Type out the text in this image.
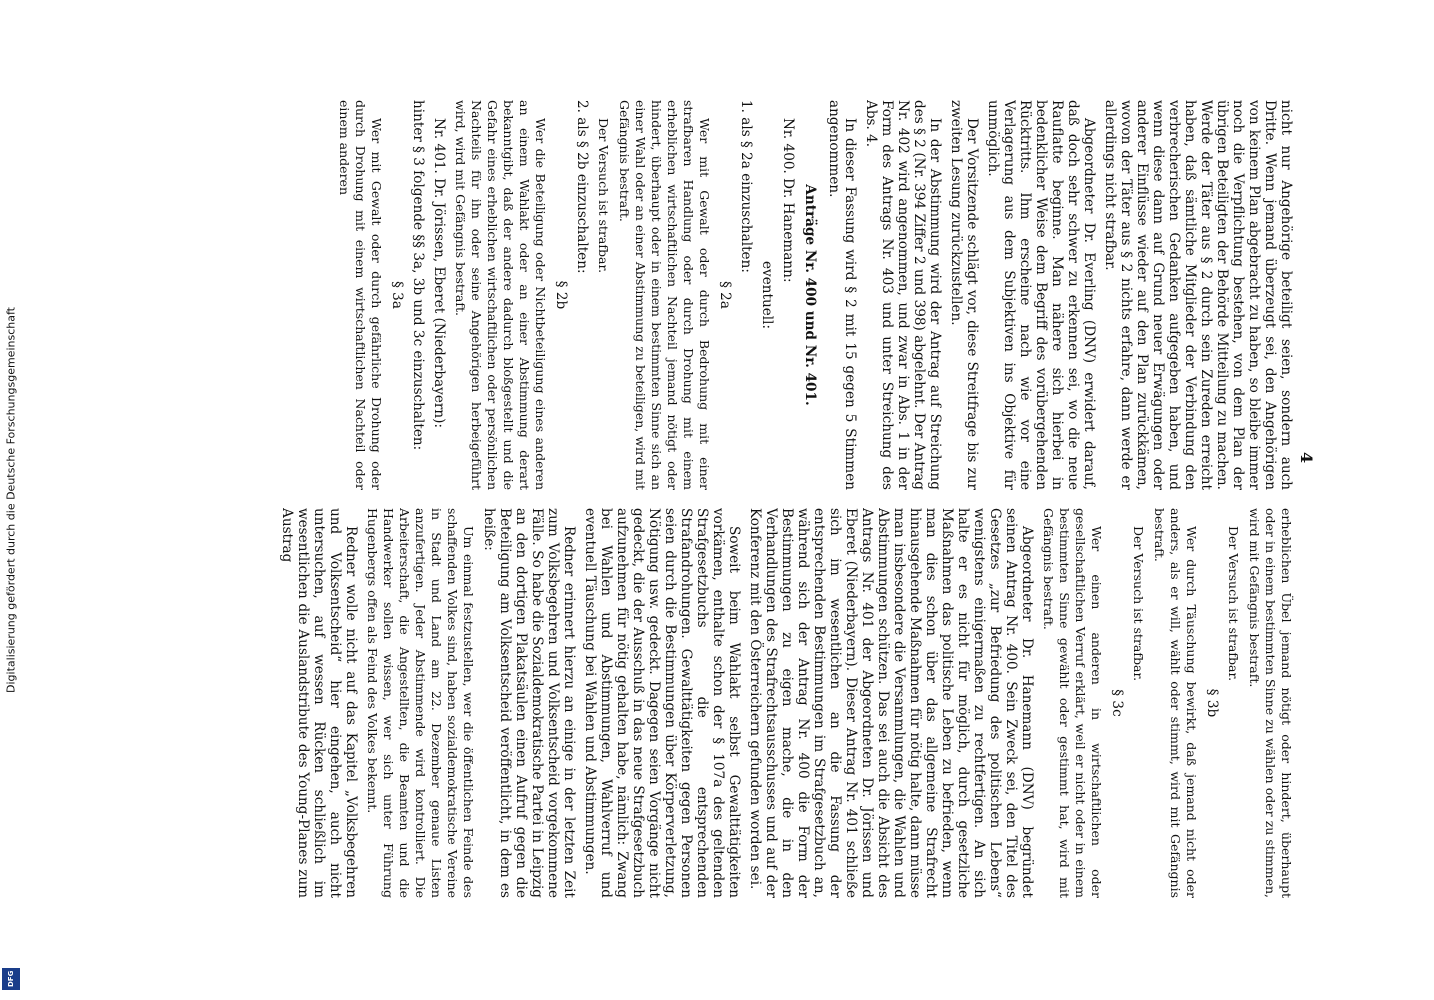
4

nicht nur Angehörige beteiligt seien, sondern auch Dritte. Wenn jemand überzeugt sei, den Angehörigen von keinem Plan abgebracht zu haben, so bleibe immer noch die Verpflichtung bestehen, von dem Plan der übrigen Beteiligten der Behörde Mitteilung zu machen. Werde der Täter aus § 2 durch sein Zureden erreicht haben, daß sämtliche Mitglieder der Verbindung den verbrecherischen Gedanken aufgegeben haben, und wenn diese dann auf Grund neuer Erwägungen oder anderer Einflüsse wieder auf den Plan zurückkämen, wovon der Täter aus § 2 nichts erfahre, dann werde er allerdings nicht strafbar.

Abgeordneter Dr. Everling (DNV) erwidert darauf, daß doch sehr schwer zu erkennen sei, wo die neue Rauflatte beginne. Man nähere sich hierbei in bedenklicher Weise dem Begriff des vorübergehenden Rücktritts. Ihm erscheine nach wie vor eine Verlagerung aus dem Subjektiven ins Objektive für unmöglich.

Der Vorsitzende schlägt vor, diese Streitfrage bis zur zweiten Lesung zurückzustellen.

In der Abstimmung wird der Antrag auf Streichung des § 2 (Nr. 394 Ziffer 2 und 398) abgelehnt. Der Antrag Nr. 402 wird angenommen, und zwar in Abs. 1 in der Form des Antrags Nr. 403 und unter Streichung des Abs. 4.

In dieser Fassung wird § 2 mit 15 gegen 5 Stimmen angenommen.

Anträge Nr. 400 und Nr. 401.

Nr. 400. Dr. Hanemann:

eventuell:

1. als § 2a einzuschalten:

§ 2a

Wer mit Gewalt oder durch Bedrohung mit einer strafbaren Handlung oder durch Drohung mit einem erheblichen wirtschaftlichen Nachteil jemand nötigt oder hindert, überhaupt oder in einem bestimmten Sinne sich an einer Wahl oder an einer Abstimmung zu beteiligen, wird mit Gefängnis bestraft.

Der Versuch ist strafbar.

2. als § 2b einzuschalten:

§ 2b

Wer die Beteiligung oder Nichtbeteiligung eines anderen an einem Wahlakt oder an einer Abstimmung derart bekanntgibt, daß der andere dadurch bloßgestellt und die Gefahr eines erheblichen wirtschaftlichen oder persönlichen Nachteils für ihn oder seine Angehörigen herbeigeführt wird, wird mit Gefängnis bestraft.

Nr. 401. Dr. Jörissen, Eberet (Niederbayern):

hinter § 3 folgende §§ 3a, 3b und 3c einzuschalten:

§ 3a

Wer mit Gewalt oder durch gefährliche Drohung oder durch Drohung mit einem wirtschaftlichen Nachteil oder einem anderen

erheblichen Übel jemand nötigt oder hindert, überhaupt oder in einem bestimmten Sinne zu wählen oder zu stimmen, wird mit Gefängnis bestraft.

Der Versuch ist strafbar.

§ 3b

Wer durch Täuschung bewirkt, daß jemand nicht oder anders, als er will, wählt oder stimmt, wird mit Gefängnis bestraft.

Der Versuch ist strafbar.

§ 3c

Wer einen anderen in wirtschaftlichen oder gesellschaftlichen Verruf erklärt, weil er nicht oder in einem bestimmten Sinne gewählt oder gestimmt hat, wird mit Gefängnis bestraft.

Abgeordneter Dr. Hanemann (DNV) begründet seinen Antrag Nr. 400. Sein Zweck sei, den Titel des Gesetzes „zur Befriedung des politischen Lebens“ wenigstens einigermaßen zu rechtfertigen. An sich halte er es nicht für möglich, durch gesetzliche Maßnahmen das politische Leben zu befrieden, wenn man dies schon über das allgemeine Strafrecht hinausgehende Maßnahmen für nötig halte, dann müsse man insbesondere die Versammlungen, die Wahlen und Abstimmungen schützen. Das sei auch die Absicht des Antrags Nr. 401 der Abgeordneten Dr. Jörissen und Eberet (Niederbayern). Dieser Antrag Nr. 401 schließe sich im wesentlichen an die Fassung der entsprechenden Bestimmungen im Strafgesetzbuch an, während sich der Antrag Nr. 400 die Form der Bestimmungen zu eigen mache, die in den Verhandlungen des Strafrechtsausschusses und auf der Konferenz mit den Österreichern gefunden worden sei.

Soweit beim Wahlakt selbst Gewalttätigkeiten vorkämen, enthalte schon der § 107a des geltenden Strafgesetzbuchs die entsprechenden Strafandrohungen. Gewalttätigkeiten gegen Personen seien durch die Bestimmungen über Körperverletzung, Nötigung usw. gedeckt. Dagegen seien Vorgänge nicht gedeckt, die der Ausschuß in das neue Strafgesetzbuch aufzunehmen für nötig gehalten habe, nämlich: Zwang bei Wahlen und Abstimmungen, Wahlverruf und eventuell Täuschung bei Wahlen und Abstimmungen.

Redner erinnert hierzu an einige in der letzten Zeit zum Volksbegehren und Volksentscheid vorgekommene Fälle. So habe die Sozialdemokratische Partei in Leipzig an den dortigen Plakatsäulen einen Aufruf gegen die Beteiligung am Volksentscheid veröffentlicht, in dem es heiße:

Um einmal festzustellen, wer die öffentlichen Feinde des schaffenden Volkes sind, haben sozialdemokratische Vereine in Stadt und Land am 22. Dezember genaue Listen anzufertigen. Jeder Abstimmende wird kontrolliert. Die Arbeiterschaft, die Angestellten, die Beamten und die Handwerker sollen wissen, wer sich unter Führung Hugenbergs offen als Feind des Volkes bekennt.

Redner wolle nicht auf das Kapitel „Volksbegehren und Volksentscheid“ hier eingehen, auch nicht untersuchen, auf wessen Rücken schließlich im wesentlichen die Auslandstribute des Young-Planes zum Austrag

Digitalisierung gefördert durch die Deutsche Forschungsgemeinschaft
DFG
